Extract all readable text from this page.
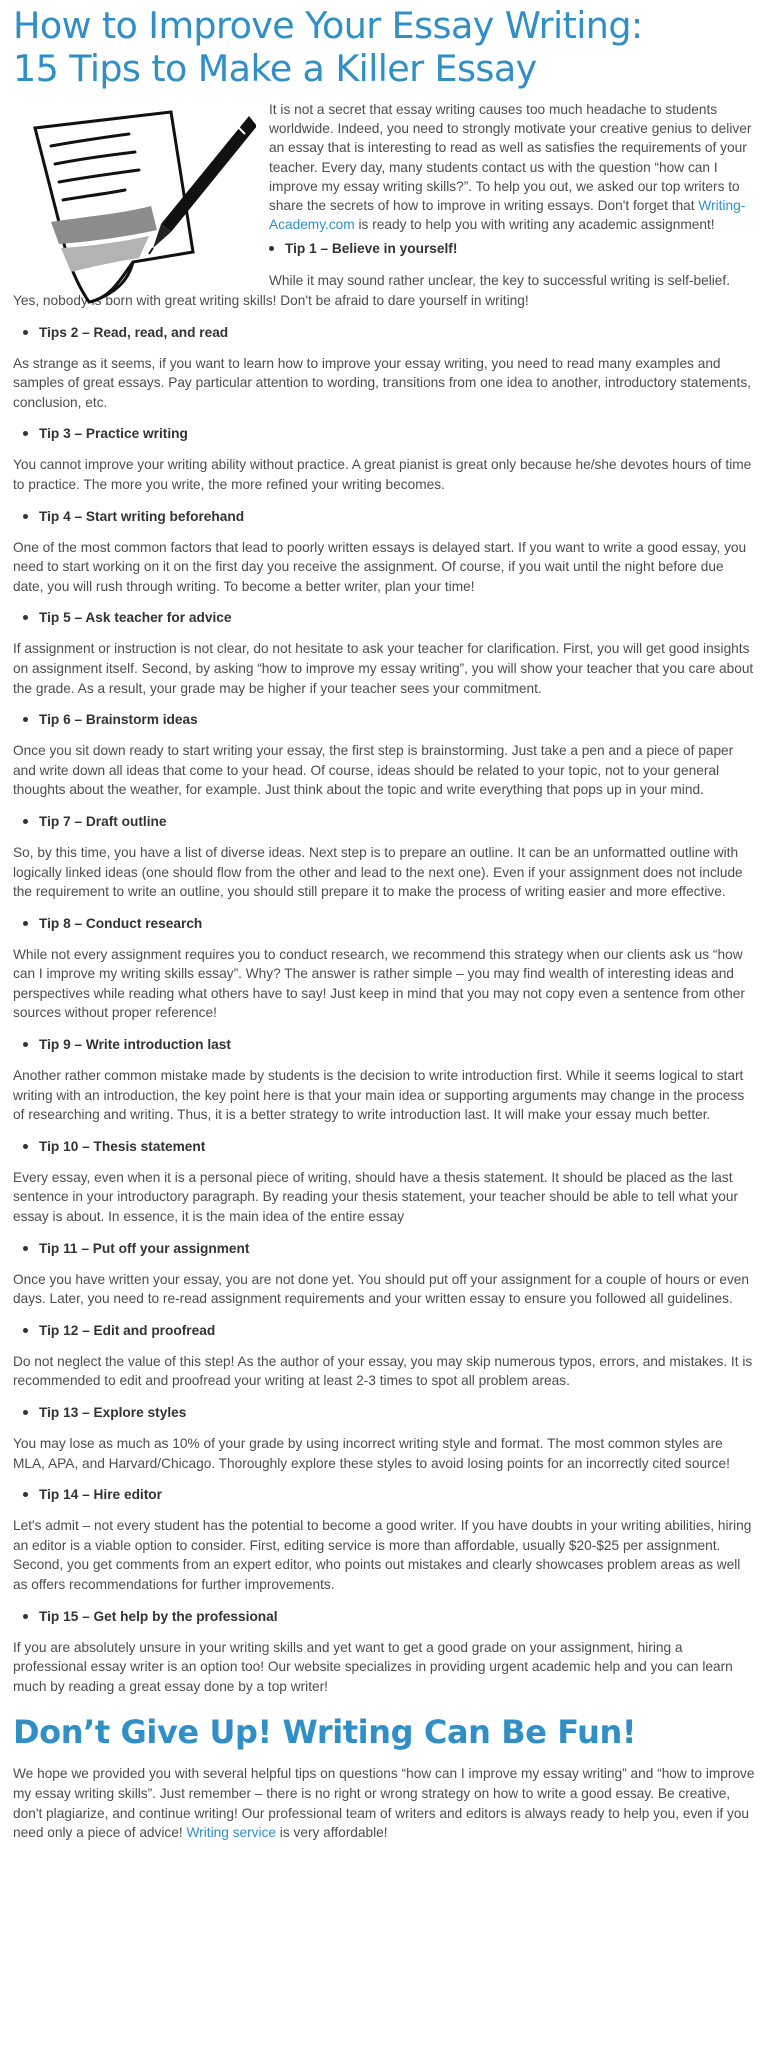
How to Improve Your Essay Writing:
15 Tips to Make a Killer Essay

It is not a secret that essay writing causes too much headache to students worldwide. Indeed, you need to strongly motivate your creative genius to deliver an essay that is interesting to read as well as satisfies the requirements of your teacher. Every day, many students contact us with the question “how can I improve my essay writing skills?”. To help you out, we asked our top writers to share the secrets of how to improve in writing essays. Don't forget that Writing-Academy.com is ready to help you with writing any academic assignment!

Tip 1 – Believe in yourself!

While it may sound rather unclear, the key to successful writing is self-belief. Yes, nobody is born with great writing skills! Don't be afraid to dare yourself in writing!

Tips 2 – Read, read, and read

As strange as it seems, if you want to learn how to improve your essay writing, you need to read many examples and samples of great essays. Pay particular attention to wording, transitions from one idea to another, introductory statements, conclusion, etc.

Tip 3 – Practice writing

You cannot improve your writing ability without practice. A great pianist is great only because he/she devotes hours of time to practice. The more you write, the more refined your writing becomes.

Tip 4 – Start writing beforehand

One of the most common factors that lead to poorly written essays is delayed start. If you want to write a good essay, you need to start working on it on the first day you receive the assignment. Of course, if you wait until the night before due date, you will rush through writing. To become a better writer, plan your time!

Tip 5 – Ask teacher for advice

If assignment or instruction is not clear, do not hesitate to ask your teacher for clarification. First, you will get good insights on assignment itself. Second, by asking “how to improve my essay writing”, you will show your teacher that you care about the grade. As a result, your grade may be higher if your teacher sees your commitment.

Tip 6 – Brainstorm ideas

Once you sit down ready to start writing your essay, the first step is brainstorming. Just take a pen and a piece of paper and write down all ideas that come to your head. Of course, ideas should be related to your topic, not to your general thoughts about the weather, for example. Just think about the topic and write everything that pops up in your mind.

Tip 7 – Draft outline

So, by this time, you have a list of diverse ideas. Next step is to prepare an outline. It can be an unformatted outline with logically linked ideas (one should flow from the other and lead to the next one). Even if your assignment does not include the requirement to write an outline, you should still prepare it to make the process of writing easier and more effective.

Tip 8 – Conduct research

While not every assignment requires you to conduct research, we recommend this strategy when our clients ask us “how can I improve my writing skills essay”. Why? The answer is rather simple – you may find wealth of interesting ideas and perspectives while reading what others have to say! Just keep in mind that you may not copy even a sentence from other sources without proper reference!

Tip 9 – Write introduction last

Another rather common mistake made by students is the decision to write introduction first. While it seems logical to start writing with an introduction, the key point here is that your main idea or supporting arguments may change in the process of researching and writing. Thus, it is a better strategy to write introduction last. It will make your essay much better.

Tip 10 – Thesis statement

Every essay, even when it is a personal piece of writing, should have a thesis statement. It should be placed as the last sentence in your introductory paragraph. By reading your thesis statement, your teacher should be able to tell what your essay is about. In essence, it is the main idea of the entire essay

Tip 11 – Put off your assignment

Once you have written your essay, you are not done yet. You should put off your assignment for a couple of hours or even days. Later, you need to re-read assignment requirements and your written essay to ensure you followed all guidelines.

Tip 12 – Edit and proofread

Do not neglect the value of this step! As the author of your essay, you may skip numerous typos, errors, and mistakes. It is recommended to edit and proofread your writing at least 2-3 times to spot all problem areas.

Tip 13 – Explore styles

You may lose as much as 10% of your grade by using incorrect writing style and format. The most common styles are MLA, APA, and Harvard/Chicago. Thoroughly explore these styles to avoid losing points for an incorrectly cited source!

Tip 14 – Hire editor

Let's admit – not every student has the potential to become a good writer. If you have doubts in your writing abilities, hiring an editor is a viable option to consider. First, editing service is more than affordable, usually $20-$25 per assignment. Second, you get comments from an expert editor, who points out mistakes and clearly showcases problem areas as well as offers recommendations for further improvements.

Tip 15 – Get help by the professional

If you are absolutely unsure in your writing skills and yet want to get a good grade on your assignment, hiring a professional essay writer is an option too! Our website specializes in providing urgent academic help and you can learn much by reading a great essay done by a top writer!

Don’t Give Up! Writing Can Be Fun!

We hope we provided you with several helpful tips on questions “how can I improve my essay writing” and “how to improve my essay writing skills”. Just remember – there is no right or wrong strategy on how to write a good essay. Be creative, don't plagiarize, and continue writing! Our professional team of writers and editors is always ready to help you, even if you need only a piece of advice! Writing service is very affordable!
